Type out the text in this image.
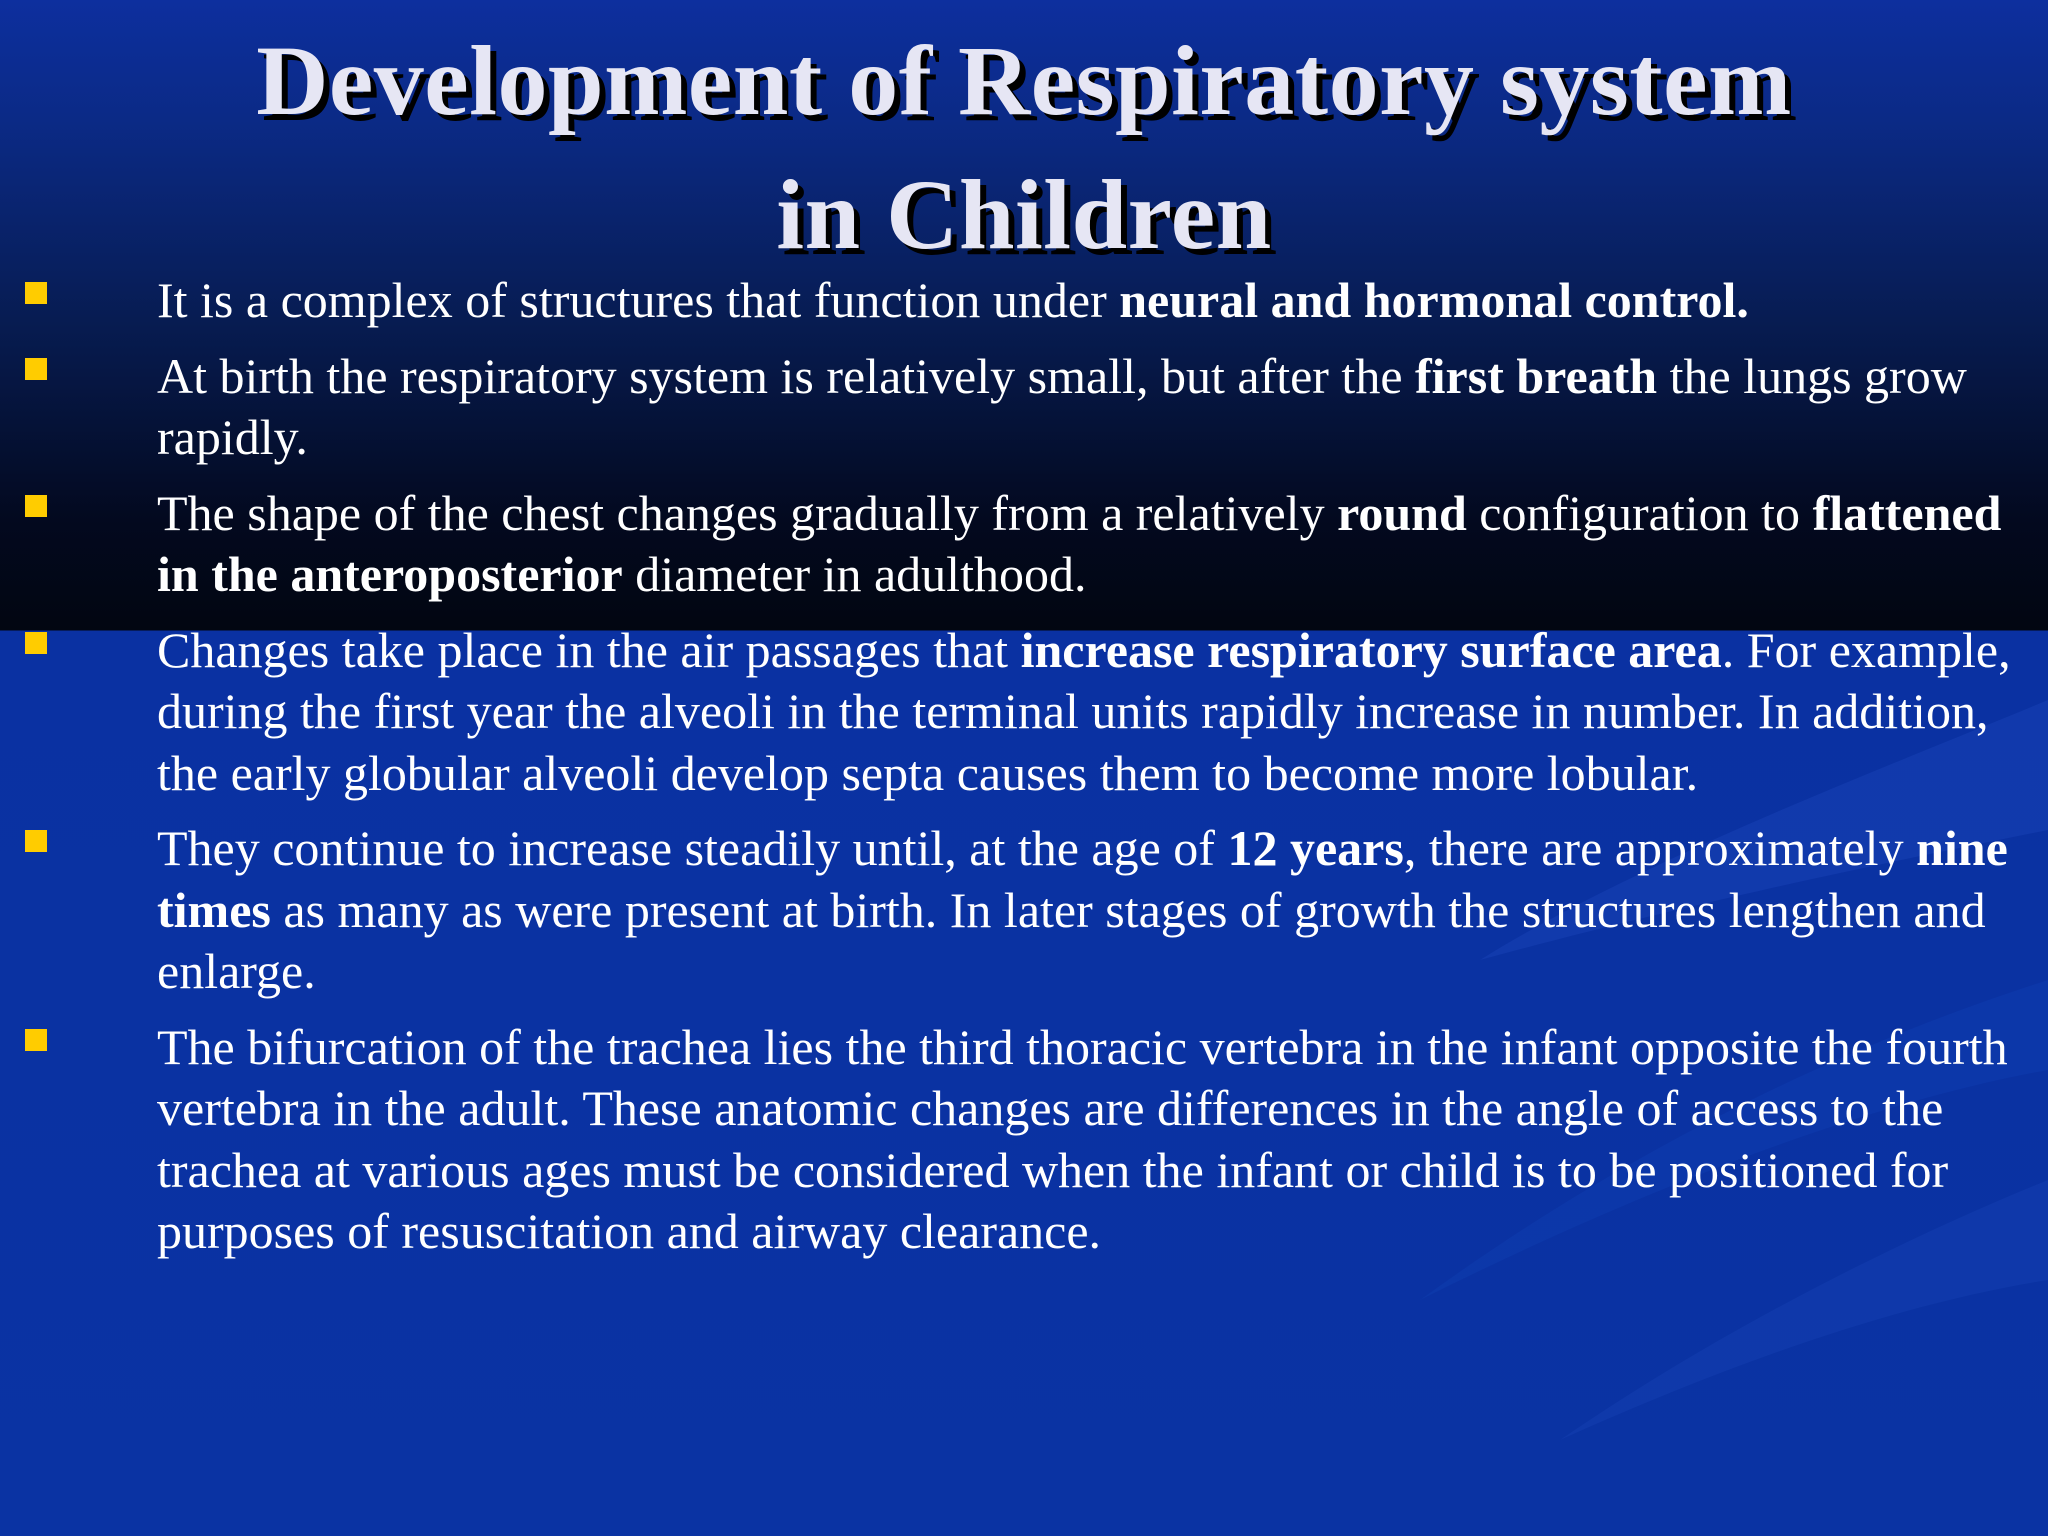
Development of Respiratory system
in Children
It is a complex of structures that function under neural and hormonal control.
At birth the respiratory system is relatively small, but after the first breath the lungs grow rapidly.
The shape of the chest changes gradually from a relatively round configuration to flattened in the anteroposterior diameter in adulthood.
Changes take place in the air passages that increase respiratory surface area. For example, during the first year the alveoli in the terminal units rapidly increase in number. In addition, the early globular alveoli develop septa causes them to become more lobular.
They continue to increase steadily until, at the age of 12 years, there are approximately nine times as many as were present at birth. In later stages of growth the structures lengthen and enlarge.
The bifurcation of the trachea lies the third thoracic vertebra in the infant opposite the fourth vertebra in the adult. These anatomic changes are differences in the angle of access to the trachea at various ages must be considered when the infant or child is to be positioned for purposes of resuscitation and airway clearance.
